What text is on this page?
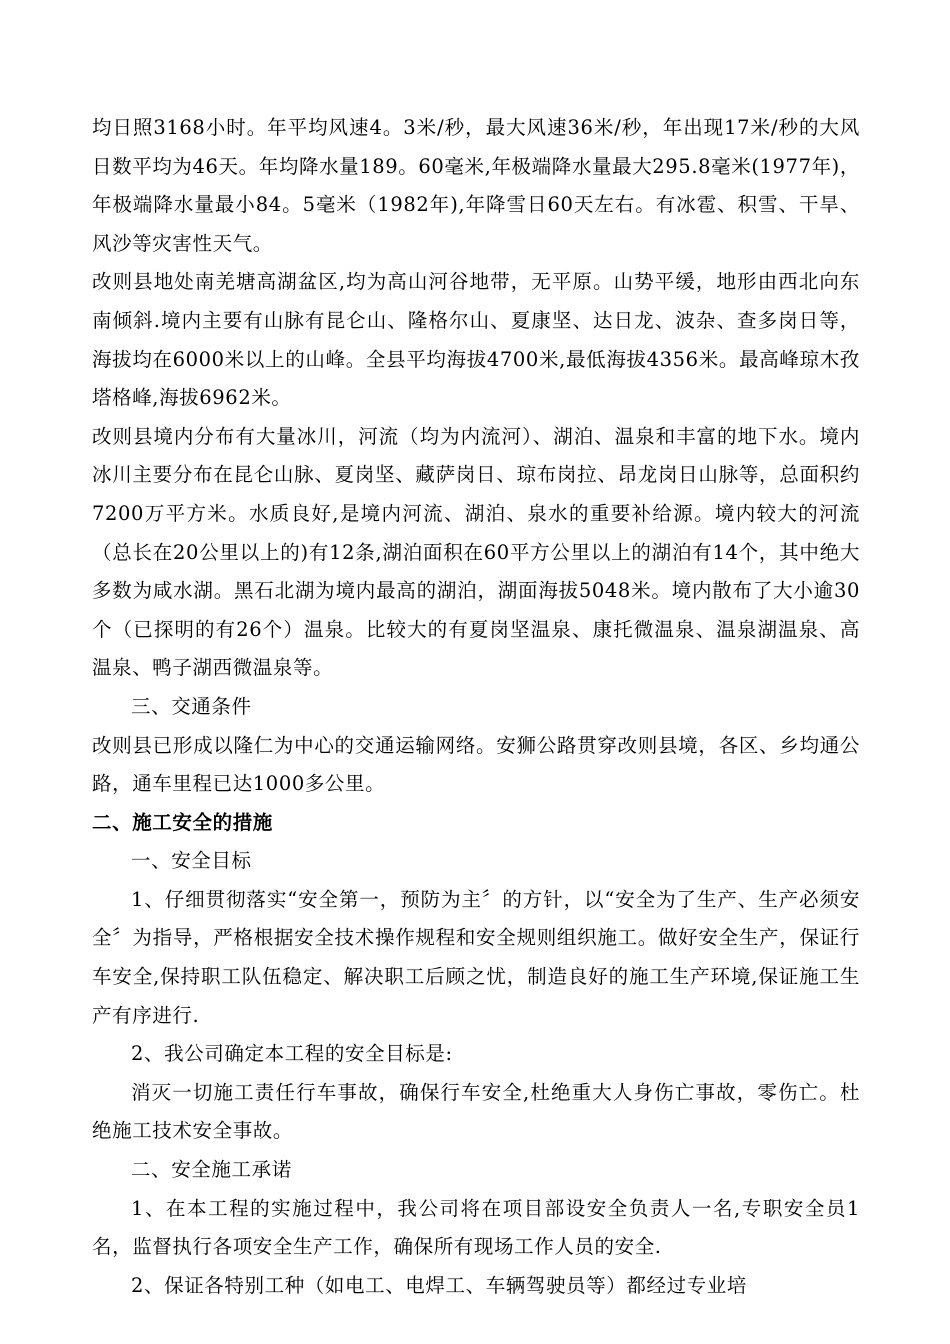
均日照3168小时。年平均风速4。3米/秒，最大风速36米/秒，年出现17米/秒的大风日数平均为46天。年均降水量189。60毫米,年极端降水量最大295.8毫米(1977年)，年极端降水量最小84。5毫米（1982年),年降雪日60天左右。有冰雹、积雪、干旱、风沙等灾害性天气。

改则县地处南羌塘高湖盆区,均为高山河谷地带，无平原。山势平缓，地形由西北向东南倾斜.境内主要有山脉有昆仑山、隆格尔山、夏康坚、达日龙、波杂、查多岗日等，海拔均在6000米以上的山峰。全县平均海拔4700米,最低海拔4356米。最高峰琼木孜塔格峰,海拔6962米。

改则县境内分布有大量冰川，河流（均为内流河）、湖泊、温泉和丰富的地下水。境内冰川主要分布在昆仑山脉、夏岗坚、藏萨岗日、琼布岗拉、昂龙岗日山脉等，总面积约7200万平方米。水质良好,是境内河流、湖泊、泉水的重要补给源。境内较大的河流（总长在20公里以上的)有12条,湖泊面积在60平方公里以上的湖泊有14个，其中绝大多数为咸水湖。黑石北湖为境内最高的湖泊，湖面海拔5048米。境内散布了大小逾30个（已探明的有26个）温泉。比较大的有夏岗坚温泉、康托微温泉、温泉湖温泉、高温泉、鸭子湖西微温泉等。

三、交通条件

改则县已形成以隆仁为中心的交通运输网络。安狮公路贯穿改则县境，各区、乡均通公路，通车里程已达1000多公里。

二、施工安全的措施

一、安全目标

1、仔细贯彻落实“安全第一，预防为主〞的方针，以“安全为了生产、生产必须安全〞为指导，严格根据安全技术操作规程和安全规则组织施工。做好安全生产，保证行车安全,保持职工队伍稳定、解决职工后顾之忧，制造良好的施工生产环境,保证施工生产有序进行.

2、我公司确定本工程的安全目标是:

消灭一切施工责任行车事故，确保行车安全,杜绝重大人身伤亡事故，零伤亡。杜绝施工技术安全事故。

二、安全施工承诺

1、在本工程的实施过程中，我公司将在项目部设安全负责人一名,专职安全员1名，监督执行各项安全生产工作，确保所有现场工作人员的安全.

2、保证各特别工种（如电工、电焊工、车辆驾驶员等）都经过专业培
